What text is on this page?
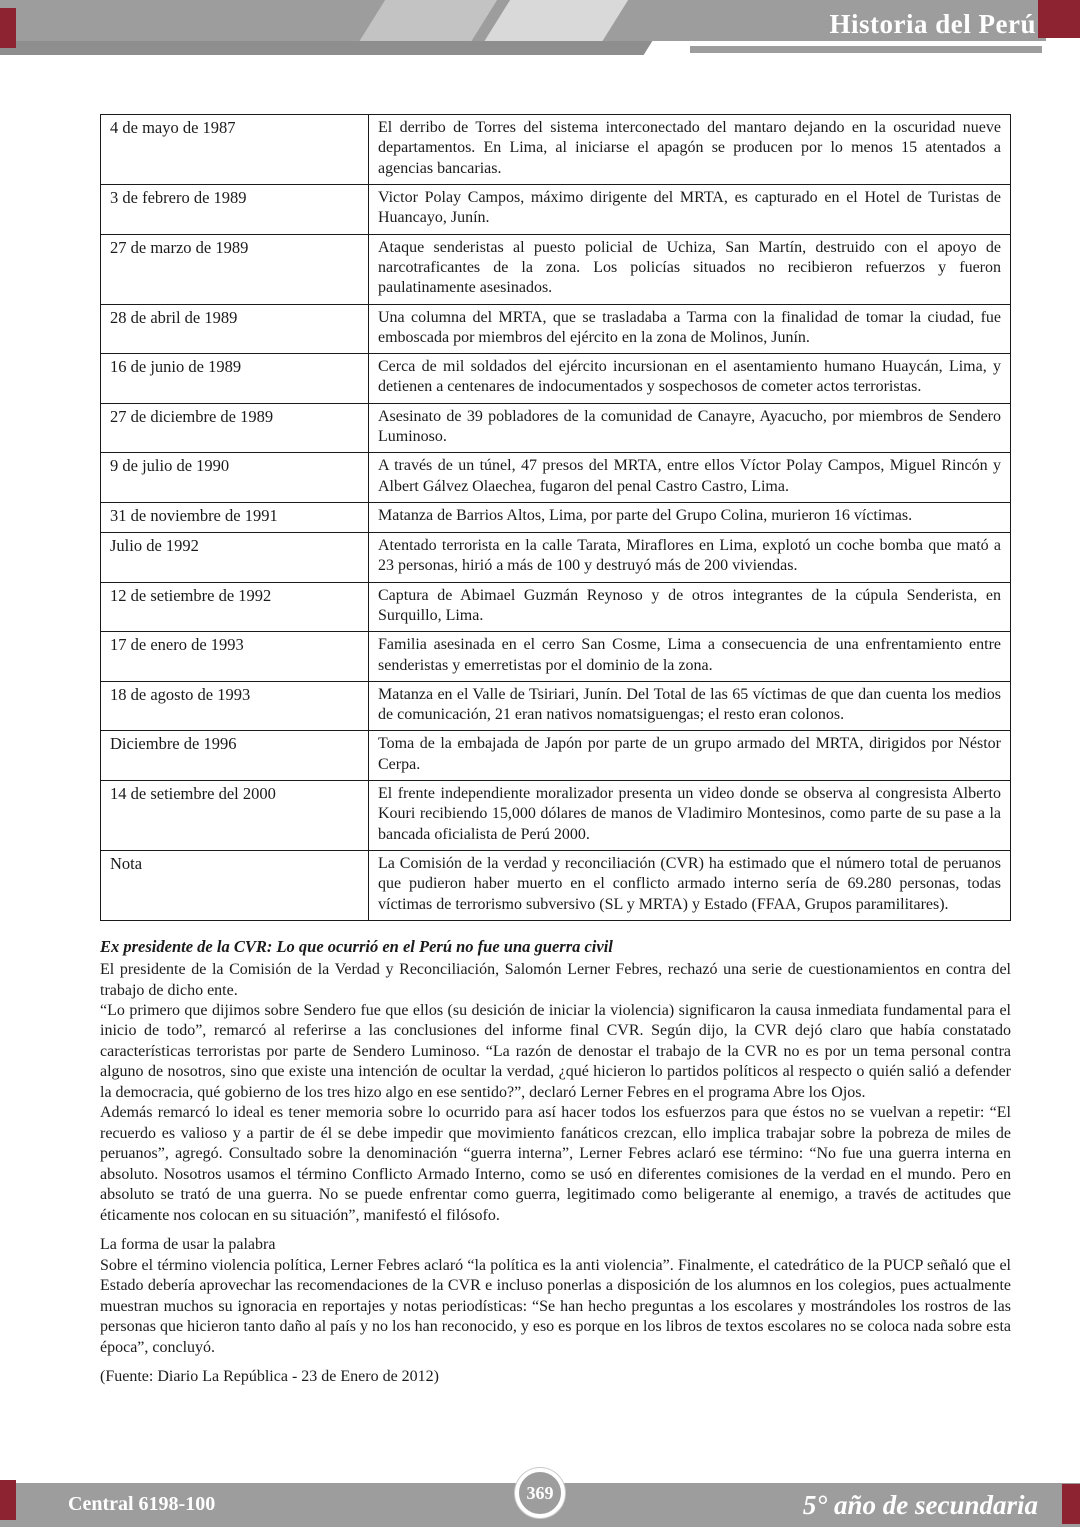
Historia del Perú
4 de mayo de 1987	El derribo de Torres del sistema interconectado del mantaro dejando en la oscuridad nueve departamentos. En Lima, al iniciarse el apagón se producen por lo menos 15 atentados a agencias bancarias.
3 de febrero de 1989	Victor Polay Campos, máximo dirigente del MRTA, es capturado en el Hotel de Turistas de Huancayo, Junín.
27 de marzo de 1989	Ataque senderistas al puesto policial de Uchiza, San Martín, destruido con el apoyo de narcotraficantes de la zona. Los policías situados no recibieron refuerzos y fueron paulatinamente asesinados.
28 de abril de 1989	Una columna del MRTA, que se trasladaba a Tarma con la finalidad de tomar la ciudad, fue emboscada por miembros del ejército en la zona de Molinos, Junín.
16 de junio de 1989	Cerca de mil soldados del ejército incursionan en el asentamiento humano Huaycán, Lima, y detienen a centenares de indocumentados y sospechosos de cometer actos terroristas.
27 de diciembre de 1989	Asesinato de 39 pobladores de la comunidad de Canayre, Ayacucho, por miembros de Sendero Luminoso.
9 de julio de 1990	A través de un túnel, 47 presos del MRTA, entre ellos Víctor Polay Campos, Miguel Rincón y Albert Gálvez Olaechea, fugaron del penal Castro Castro, Lima.
31 de noviembre de 1991	Matanza de Barrios Altos, Lima, por parte del Grupo Colina, murieron 16 víctimas.
Julio de 1992	Atentado terrorista en la calle Tarata, Miraflores en Lima, explotó un coche bomba que mató a 23 personas, hirió a más de 100 y destruyó más de 200 viviendas.
12 de setiembre de 1992	Captura de Abimael Guzmán Reynoso y de otros integrantes de la cúpula Senderista, en Surquillo, Lima.
17 de enero de 1993	Familia asesinada en el cerro San Cosme, Lima a consecuencia de una enfrentamiento entre senderistas y emerretistas por el dominio de la zona.
18 de agosto de 1993	Matanza en el Valle de Tsiriari, Junín. Del Total de las 65 víctimas de que dan cuenta los medios de comunicación, 21 eran nativos nomatsiguengas; el resto eran colonos.
Diciembre de 1996	Toma de la embajada de Japón por parte de un grupo armado del MRTA, dirigidos por Néstor Cerpa.
14 de setiembre del 2000	El frente independiente moralizador presenta un video donde se observa al congresista Alberto Kouri recibiendo 15,000 dólares de manos de Vladimiro Montesinos, como parte de su pase a la bancada oficialista de Perú 2000.
Nota	La Comisión de la verdad y reconciliación (CVR) ha estimado que el número total de peruanos que pudieron haber muerto en el conflicto armado interno sería de 69.280 personas, todas víctimas de terrorismo subversivo (SL y MRTA) y Estado (FFAA, Grupos paramilitares).
Ex presidente de la CVR: Lo que ocurrió en el Perú no fue una guerra civil

El presidente de la Comisión de la Verdad y Reconciliación, Salomón Lerner Febres, rechazó una serie de cuestionamientos en contra del trabajo de dicho ente.

“Lo primero que dijimos sobre Sendero fue que ellos (su desición de iniciar la violencia) significaron la causa inmediata fundamental para el inicio de todo”, remarcó al referirse a las conclusiones del informe final CVR. Según dijo, la CVR dejó claro que había constatado características terroristas por parte de Sendero Luminoso. “La razón de denostar el trabajo de la CVR no es por un tema personal contra alguno de nosotros, sino que existe una intención de ocultar la verdad, ¿qué hicieron lo partidos políticos al respecto o quién salió a defender la democracia, qué gobierno de los tres hizo algo en ese sentido?”, declaró Lerner Febres en el programa Abre los Ojos.

Además remarcó lo ideal es tener memoria sobre lo ocurrido para así hacer todos los esfuerzos para que éstos no se vuelvan a repetir: “El recuerdo es valioso y a partir de él se debe impedir que movimiento fanáticos crezcan, ello implica trabajar sobre la pobreza de miles de peruanos”, agregó. Consultado sobre la denominación “guerra interna”, Lerner Febres aclaró ese término: “No fue una guerra interna en absoluto. Nosotros usamos el término Conflicto Armado Interno, como se usó en diferentes comisiones de la verdad en el mundo. Pero en absoluto se trató de una guerra. No se puede enfrentar como guerra, legitimado como beligerante al enemigo, a través de actitudes que éticamente nos colocan en su situación”, manifestó el filósofo.

La forma de usar la palabra

Sobre el término violencia política, Lerner Febres aclaró “la política es la anti violencia”. Finalmente, el catedrático de la PUCP señaló que el Estado debería aprovechar las recomendaciones de la CVR e incluso ponerlas a disposición de los alumnos en los colegios, pues actualmente muestran muchos su ignoracia en reportajes y notas periodísticas: “Se han hecho preguntas a los escolares y mostrándoles los rostros de las personas que hicieron tanto daño al país y no los han reconocido, y eso es porque en los libros de textos escolares no se coloca nada sobre esta época”, concluyó.

(Fuente: Diario La República - 23 de Enero de 2012)

Central 6198-100
369	5° año de secundaria
